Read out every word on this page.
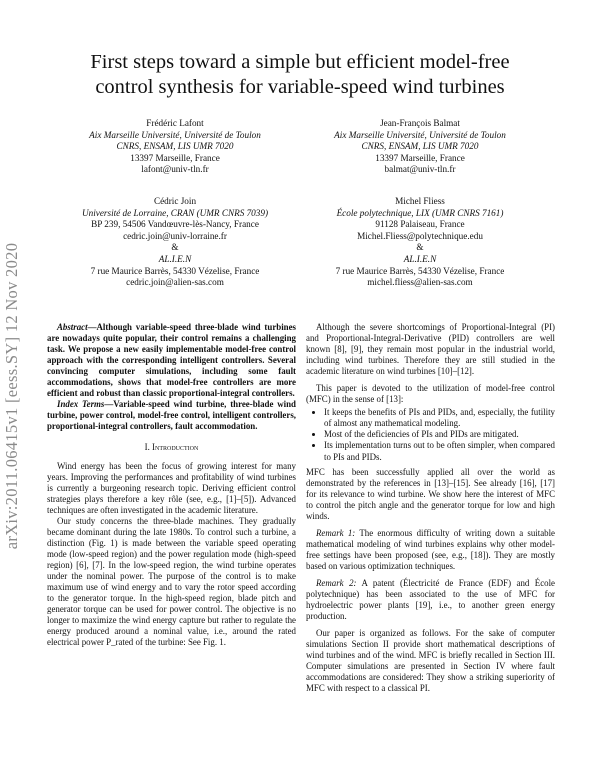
arXiv:2011.06415v1 [eess.SY] 12 Nov 2020
First steps toward a simple but efficient model-free
control synthesis for variable-speed wind turbines
Frédéric Lafont
Aix Marseille Université, Université de Toulon
CNRS, ENSAM, LIS UMR 7020
13397 Marseille, France
lafont@univ-tln.fr
Jean-François Balmat
Aix Marseille Université, Université de Toulon
CNRS, ENSAM, LIS UMR 7020
13397 Marseille, France
balmat@univ-tln.fr
Cédric Join
Université de Lorraine, CRAN (UMR CNRS 7039)
BP 239, 54506 Vandœuvre-lès-Nancy, France
cedric.join@univ-lorraine.fr
&
AL.I.E.N
7 rue Maurice Barrès, 54330 Vézelise, France
cedric.join@alien-sas.com
Michel Fliess
École polytechnique, LIX (UMR CNRS 7161)
91128 Palaiseau, France
Michel.Fliess@polytechnique.edu
&
AL.I.E.N
7 rue Maurice Barrès, 54330 Vézelise, France
michel.fliess@alien-sas.com

Abstract—Although variable-speed three-blade wind turbines are nowadays quite popular, their control remains a challenging task. We propose a new easily implementable model-free control approach with the corresponding intelligent controllers. Several convincing computer simulations, including some fault accommodations, shows that model-free controllers are more efficient and robust than classic proportional-integral controllers.

Index Terms—Variable-speed wind turbine, three-blade wind turbine, power control, model-free control, intelligent controllers, proportional-integral controllers, fault accommodation.

I. Introduction

Wind energy has been the focus of growing interest for many years. Improving the performances and profitability of wind turbines is currently a burgeoning research topic. Deriving efficient control strategies plays therefore a key rôle (see, e.g., [1]–[5]). Advanced techniques are often investigated in the academic literature.

Our study concerns the three-blade machines. They gradually became dominant during the late 1980s. To control such a turbine, a distinction (Fig. 1) is made between the variable speed operating mode (low-speed region) and the power regulation mode (high-speed region) [6], [7]. In the low-speed region, the wind turbine operates under the nominal power. The purpose of the control is to make maximum use of wind energy and to vary the rotor speed according to the generator torque. In the high-speed region, blade pitch and generator torque can be used for power control. The objective is no longer to maximize the wind energy capture but rather to regulate the energy produced around a nominal value, i.e., around the rated electrical power P_rated of the turbine: See Fig. 1.

Although the severe shortcomings of Proportional-Integral (PI) and Proportional-Integral-Derivative (PID) controllers are well known [8], [9], they remain most popular in the industrial world, including wind turbines. Therefore they are still studied in the academic literature on wind turbines [10]–[12].

This paper is devoted to the utilization of model-free control (MFC) in the sense of [13]:

• It keeps the benefits of PIs and PIDs, and, especially, the futility of almost any mathematical modeling.
• Most of the deficiencies of PIs and PIDs are mitigated.
• Its implementation turns out to be often simpler, when compared to PIs and PIDs.

MFC has been successfully applied all over the world as demonstrated by the references in [13]–[15]. See already [16], [17] for its relevance to wind turbine. We show here the interest of MFC to control the pitch angle and the generator torque for low and high winds.

Remark 1: The enormous difficulty of writing down a suitable mathematical modeling of wind turbines explains why other model-free settings have been proposed (see, e.g., [18]). They are mostly based on various optimization techniques.

Remark 2: A patent (Électricité de France (EDF) and École polytechnique) has been associated to the use of MFC for hydroelectric power plants [19], i.e., to another green energy production.

Our paper is organized as follows. For the sake of computer simulations Section II provide short mathematical descriptions of wind turbines and of the wind. MFC is briefly recalled in Section III. Computer simulations are presented in Section IV where fault accommodations are considered: They show a striking superiority of MFC with respect to a classical PI.
